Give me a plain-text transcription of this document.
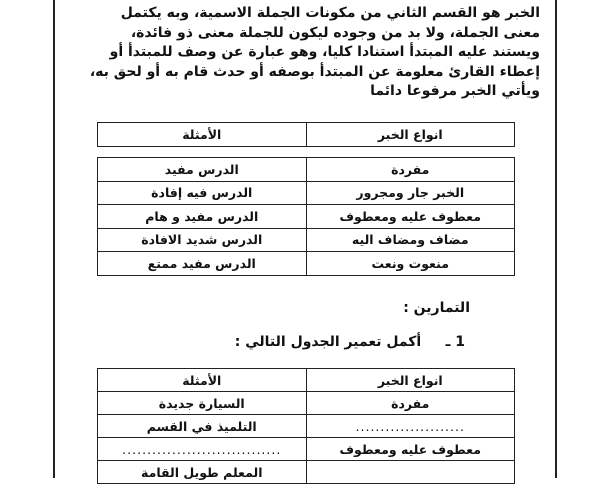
الخبر هو القسم الثاني من مكونات الجملة الاسمية، وبه يكتمل

معنى الجملة، ولا بد من وجوده ليكون للجملة معنى ذو فائدة،

ويستند عليه المبتدأ استنادا كليا، وهو عبارة عن وصف للمبتدأ أو

إعطاء القارئ معلومة عن المبتدأ بوصفه أو حدث قام به أو لحق به،

ويأتي الخبر مرفوعا دائما

انواع الخبر	الأمثلة
مفردة	الدرس مفيد
الخبر جار ومجرور	الدرس فيه إفادة
معطوف عليه ومعطوف	الدرس مفيد و هام
مضاف ومضاف اليه	الدرس شديد الافادة
منعوت ونعت	الدرس مفيد ممتع

التمارين :

1 ـ     أكمل تعمير الجدول التالي :

انواع الخبر	الأمثلة
مفردة	السيارة جديدة
......................	التلميذ في القسم
معطوف عليه ومعطوف	................................
	المعلم طويل القامة
